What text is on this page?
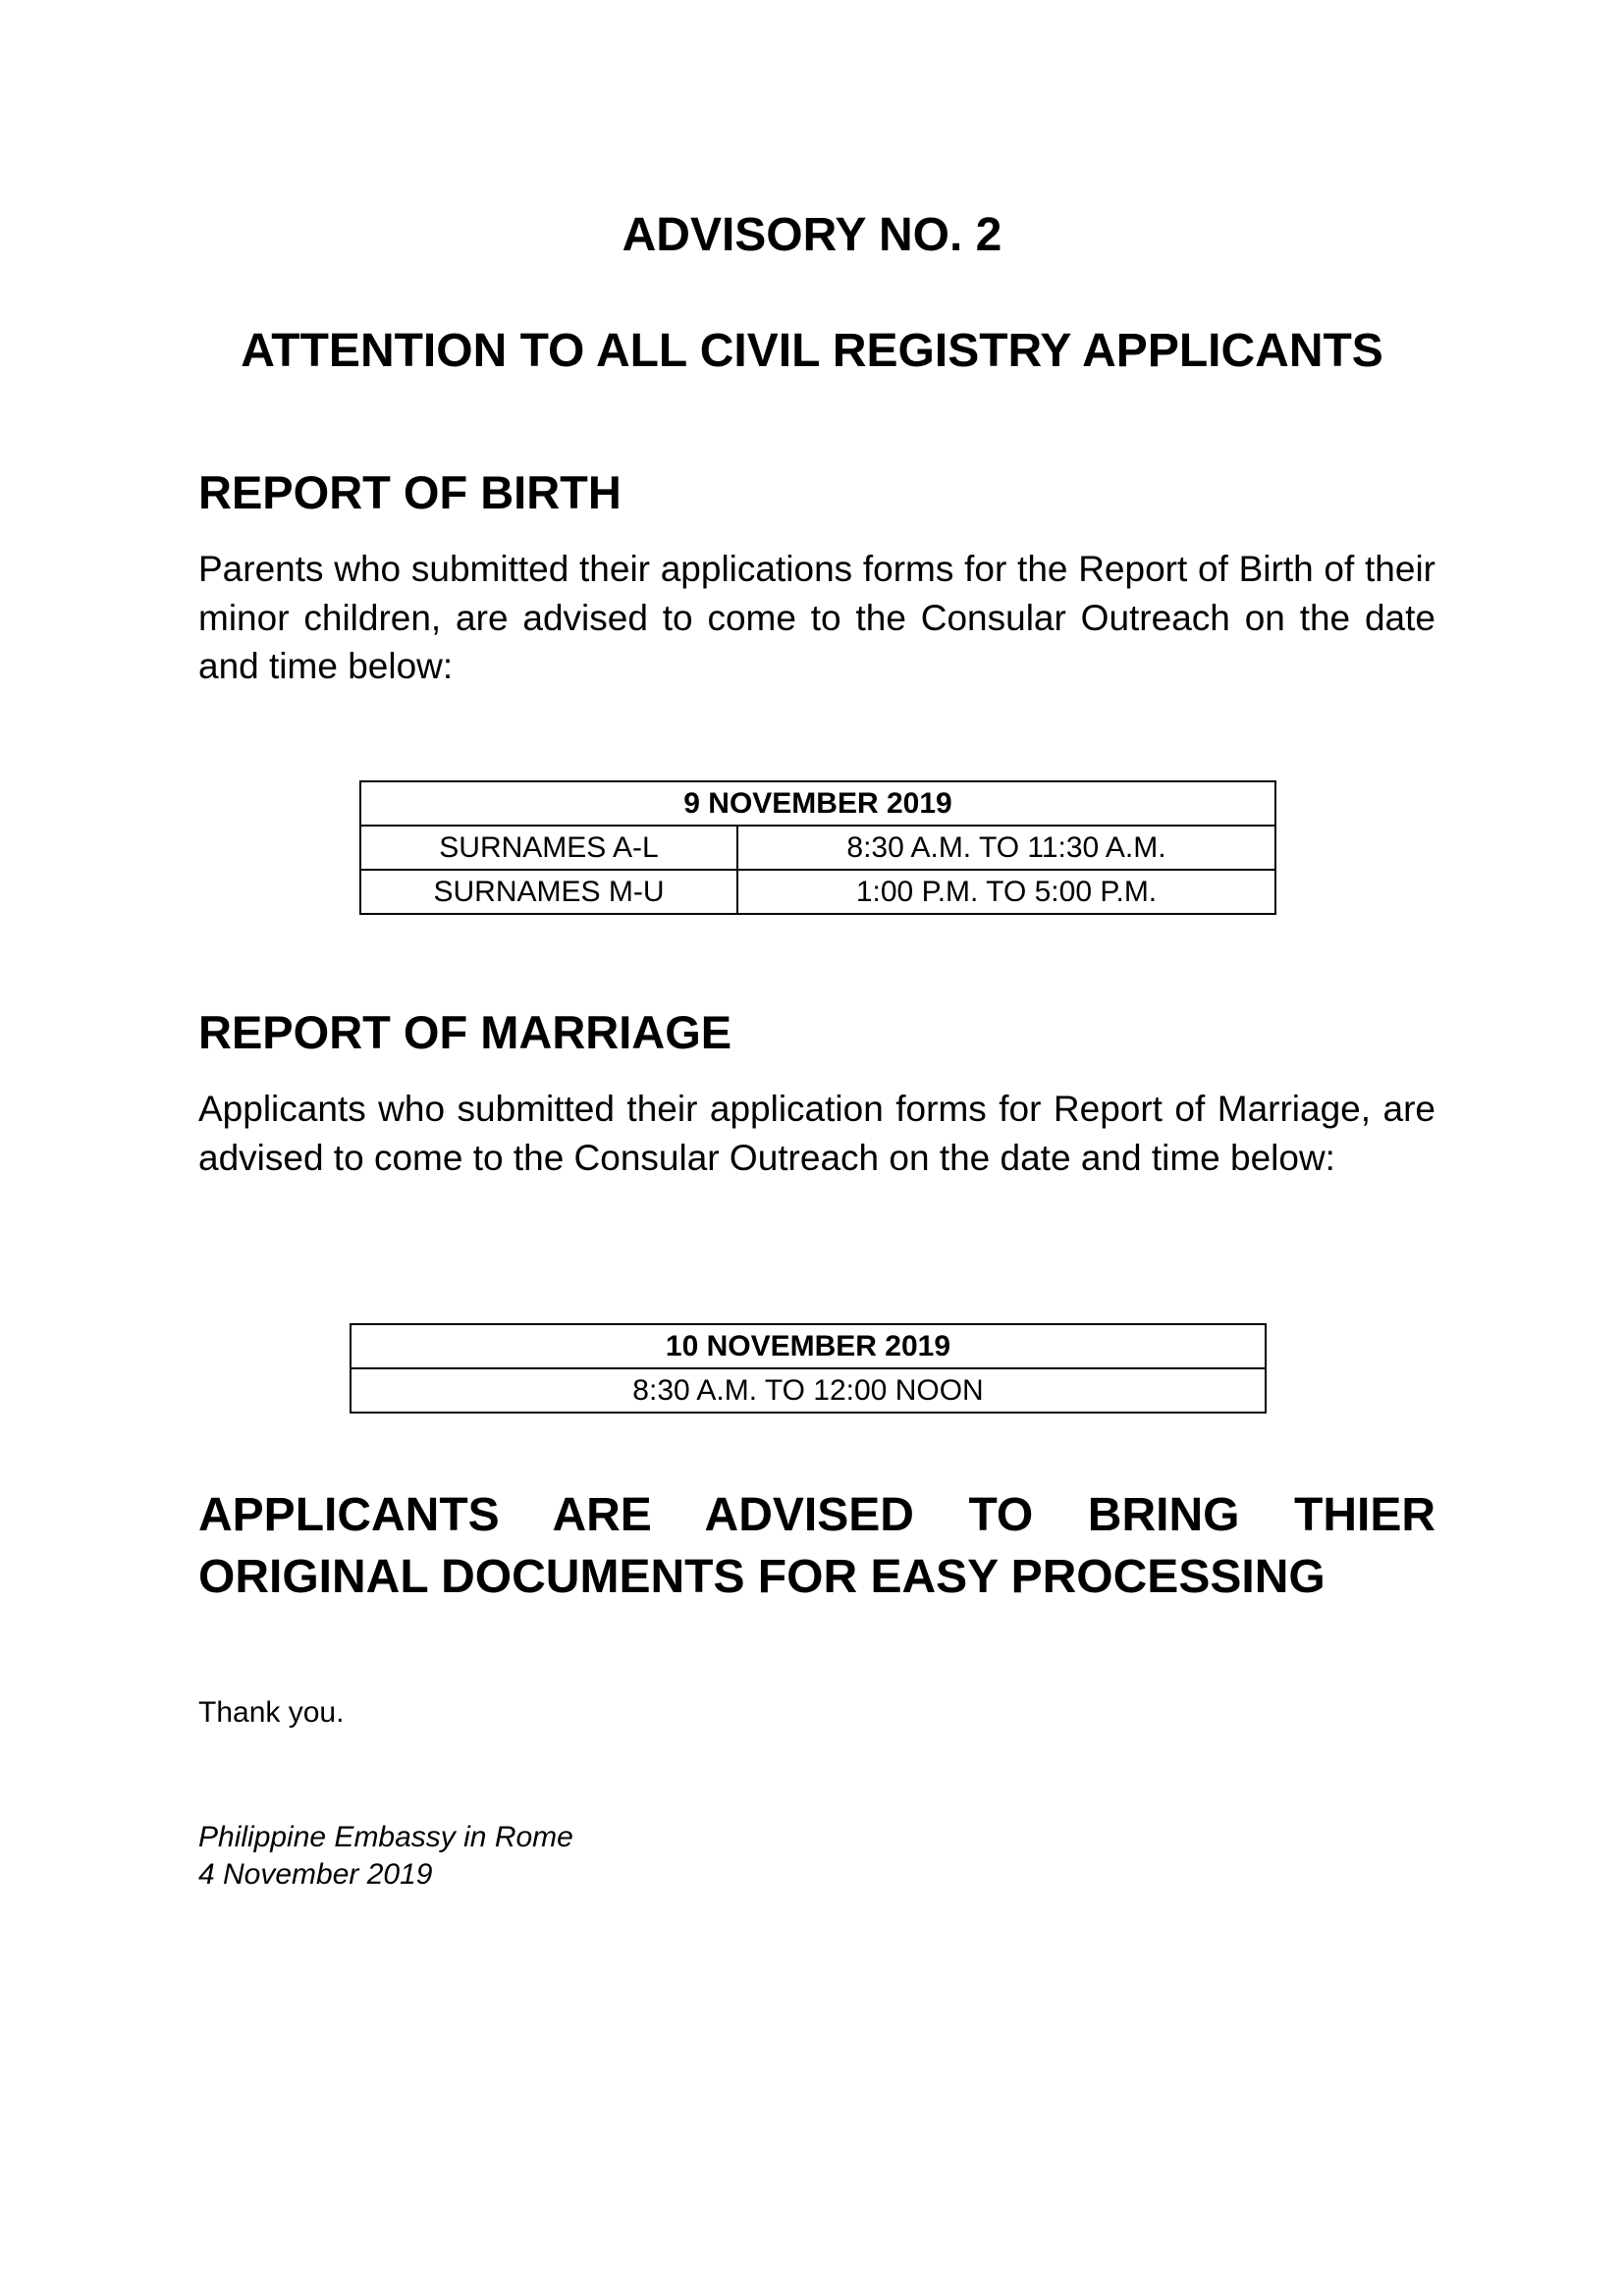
ADVISORY NO. 2
ATTENTION TO ALL CIVIL REGISTRY APPLICANTS
REPORT OF BIRTH

Parents who submitted their applications forms for the Report of Birth of their minor children, are advised to come to the Consular Outreach on the date and time below:

9 NOVEMBER 2019	
SURNAMES A-L	8:30 A.M. TO 11:30 A.M.
SURNAMES M-U	1:00 P.M. TO 5:00 P.M.
REPORT OF MARRIAGE

Applicants who submitted their application forms for Report of Marriage, are advised to come to the Consular Outreach on the date and time below:

10 NOVEMBER 2019
8:30 A.M. TO 12:00 NOON

APPLICANTS ARE ADVISED TO BRING THIER
ORIGINAL DOCUMENTS FOR EASY PROCESSING

Thank you.

Philippine Embassy in Rome
4 November 2019
